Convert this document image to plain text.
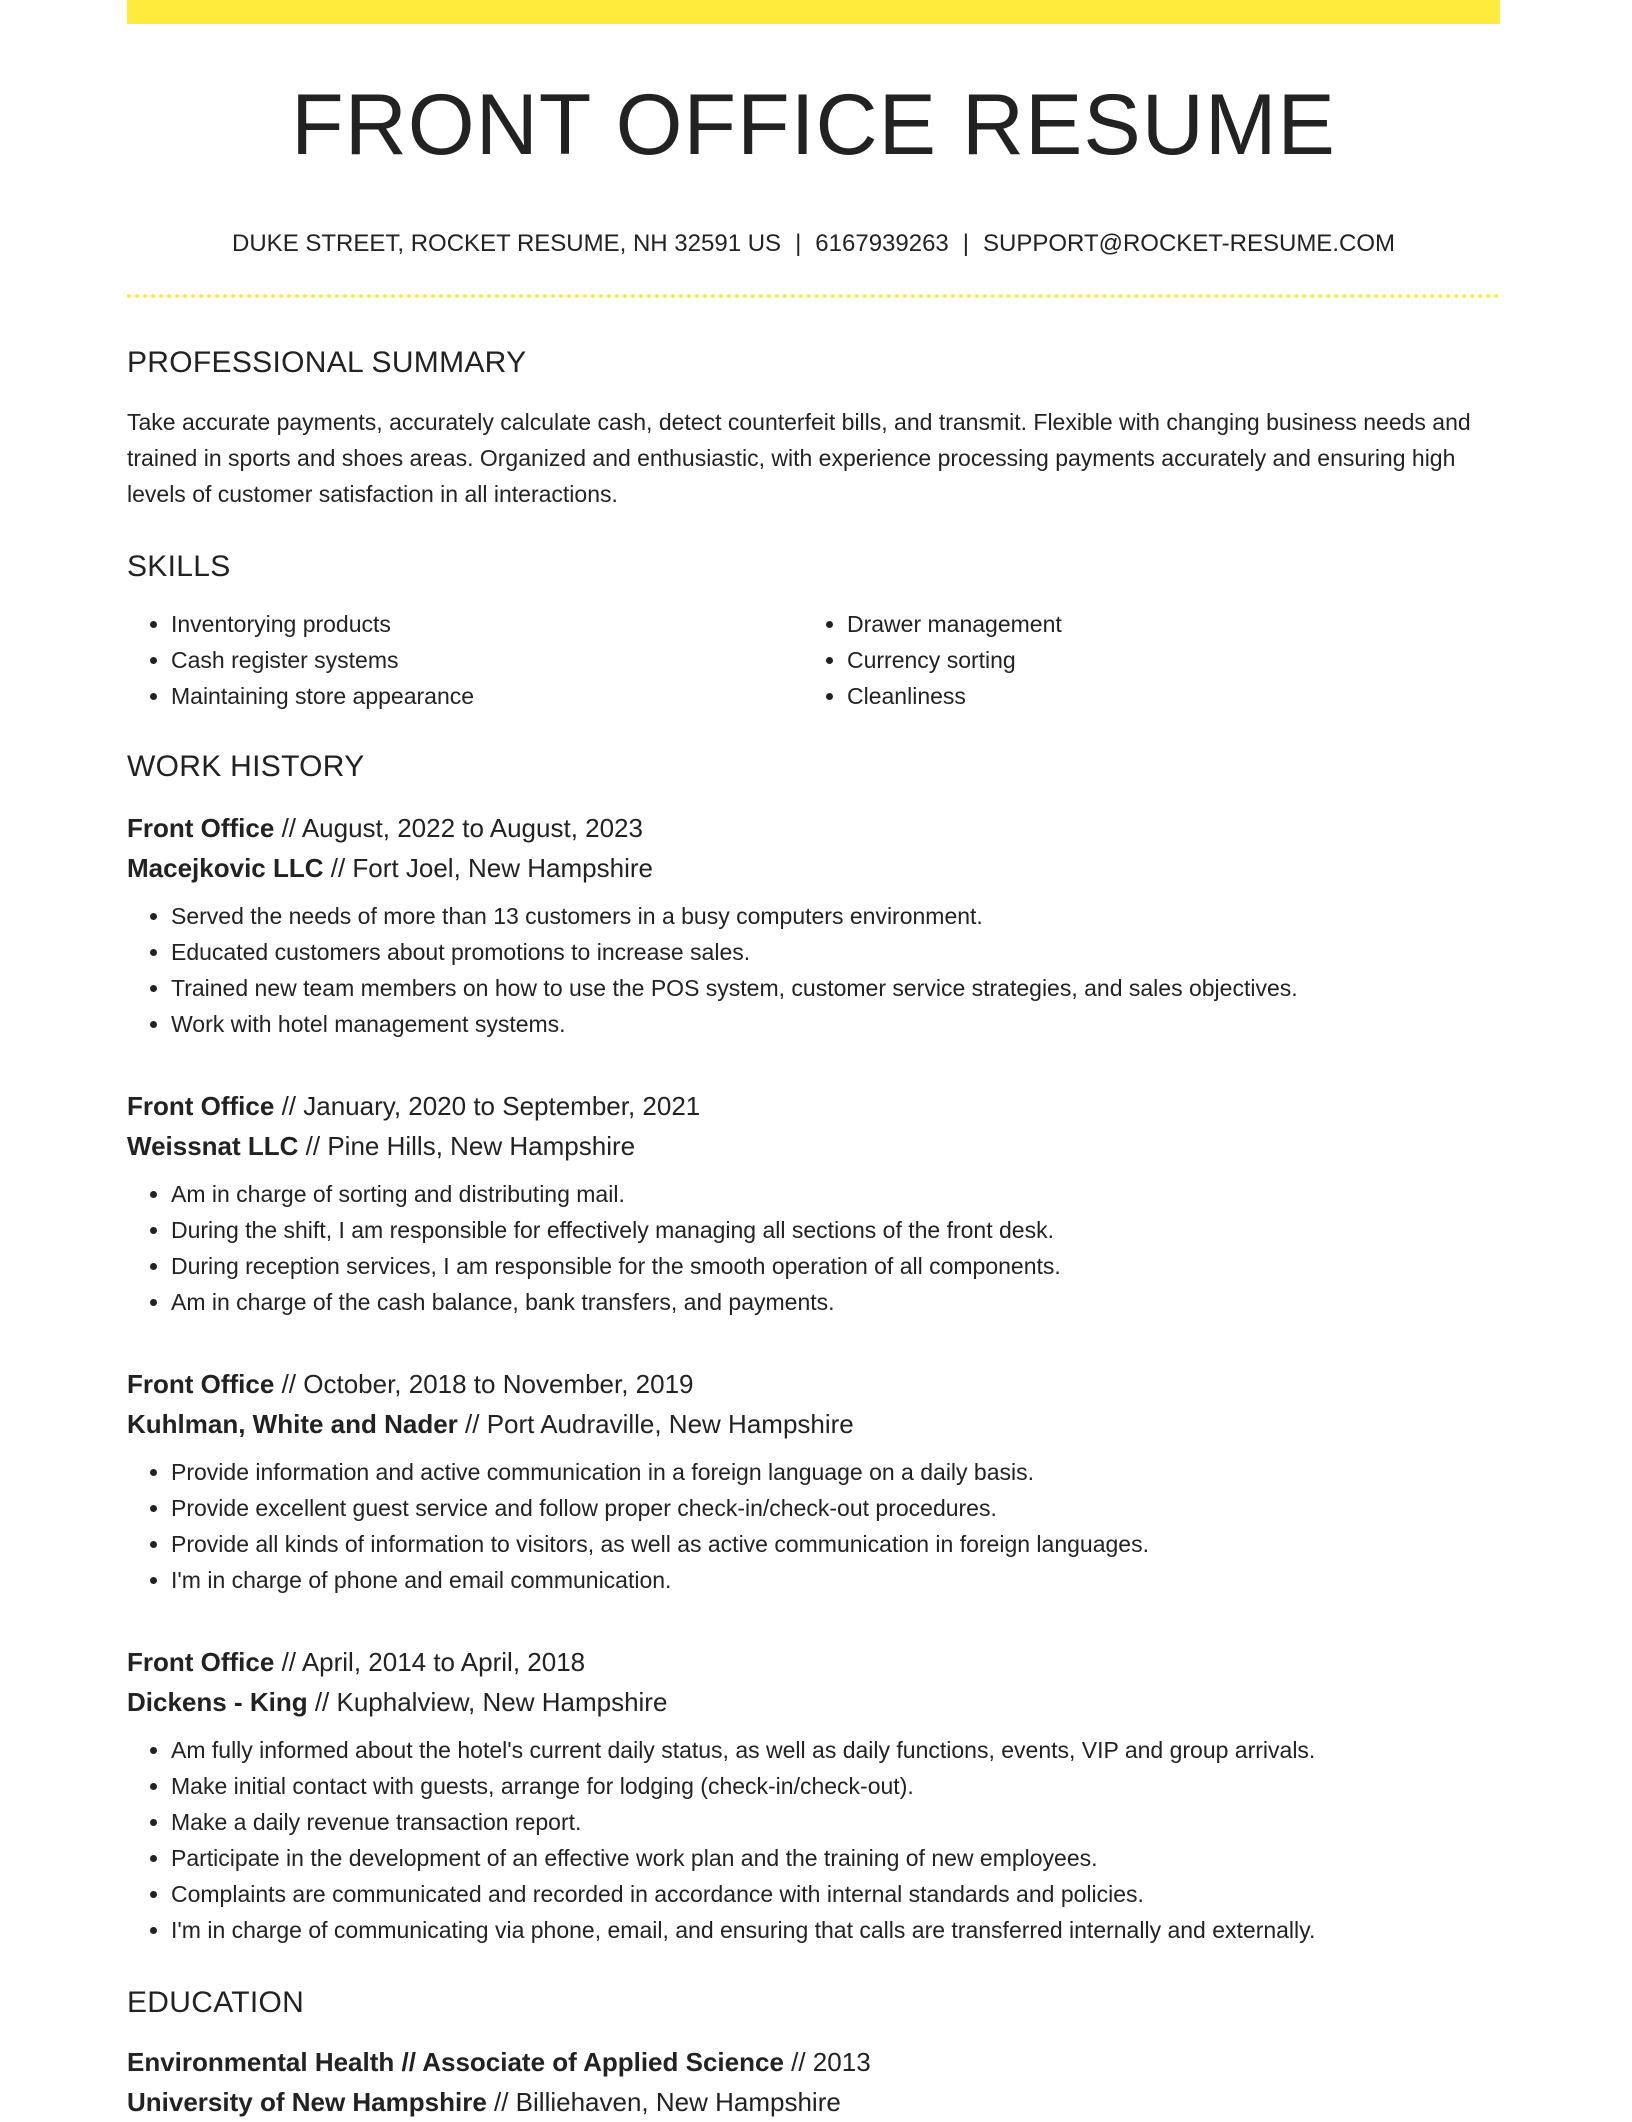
FRONT OFFICE RESUME
DUKE STREET, ROCKET RESUME, NH 32591 US | 6167939263 | SUPPORT@ROCKET-RESUME.COM
PROFESSIONAL SUMMARY
Take accurate payments, accurately calculate cash, detect counterfeit bills, and transmit. Flexible with changing business needs and trained in sports and shoes areas. Organized and enthusiastic, with experience processing payments accurately and ensuring high levels of customer satisfaction in all interactions.
SKILLS
• Inventorying products
• Cash register systems
• Maintaining store appearance
• Drawer management
• Currency sorting
• Cleanliness
WORK HISTORY
Front Office // August, 2022 to August, 2023
Macejkovic LLC // Fort Joel, New Hampshire
• Served the needs of more than 13 customers in a busy computers environment.
• Educated customers about promotions to increase sales.
• Trained new team members on how to use the POS system, customer service strategies, and sales objectives.
• Work with hotel management systems.
Front Office // January, 2020 to September, 2021
Weissnat LLC // Pine Hills, New Hampshire
• Am in charge of sorting and distributing mail.
• During the shift, I am responsible for effectively managing all sections of the front desk.
• During reception services, I am responsible for the smooth operation of all components.
• Am in charge of the cash balance, bank transfers, and payments.
Front Office // October, 2018 to November, 2019
Kuhlman, White and Nader // Port Audraville, New Hampshire
• Provide information and active communication in a foreign language on a daily basis.
• Provide excellent guest service and follow proper check-in/check-out procedures.
• Provide all kinds of information to visitors, as well as active communication in foreign languages.
• I'm in charge of phone and email communication.
Front Office // April, 2014 to April, 2018
Dickens - King // Kuphalview, New Hampshire
• Am fully informed about the hotel's current daily status, as well as daily functions, events, VIP and group arrivals.
• Make initial contact with guests, arrange for lodging (check-in/check-out).
• Make a daily revenue transaction report.
• Participate in the development of an effective work plan and the training of new employees.
• Complaints are communicated and recorded in accordance with internal standards and policies.
• I'm in charge of communicating via phone, email, and ensuring that calls are transferred internally and externally.
EDUCATION
Environmental Health // Associate of Applied Science // 2013
University of New Hampshire // Billiehaven, New Hampshire
